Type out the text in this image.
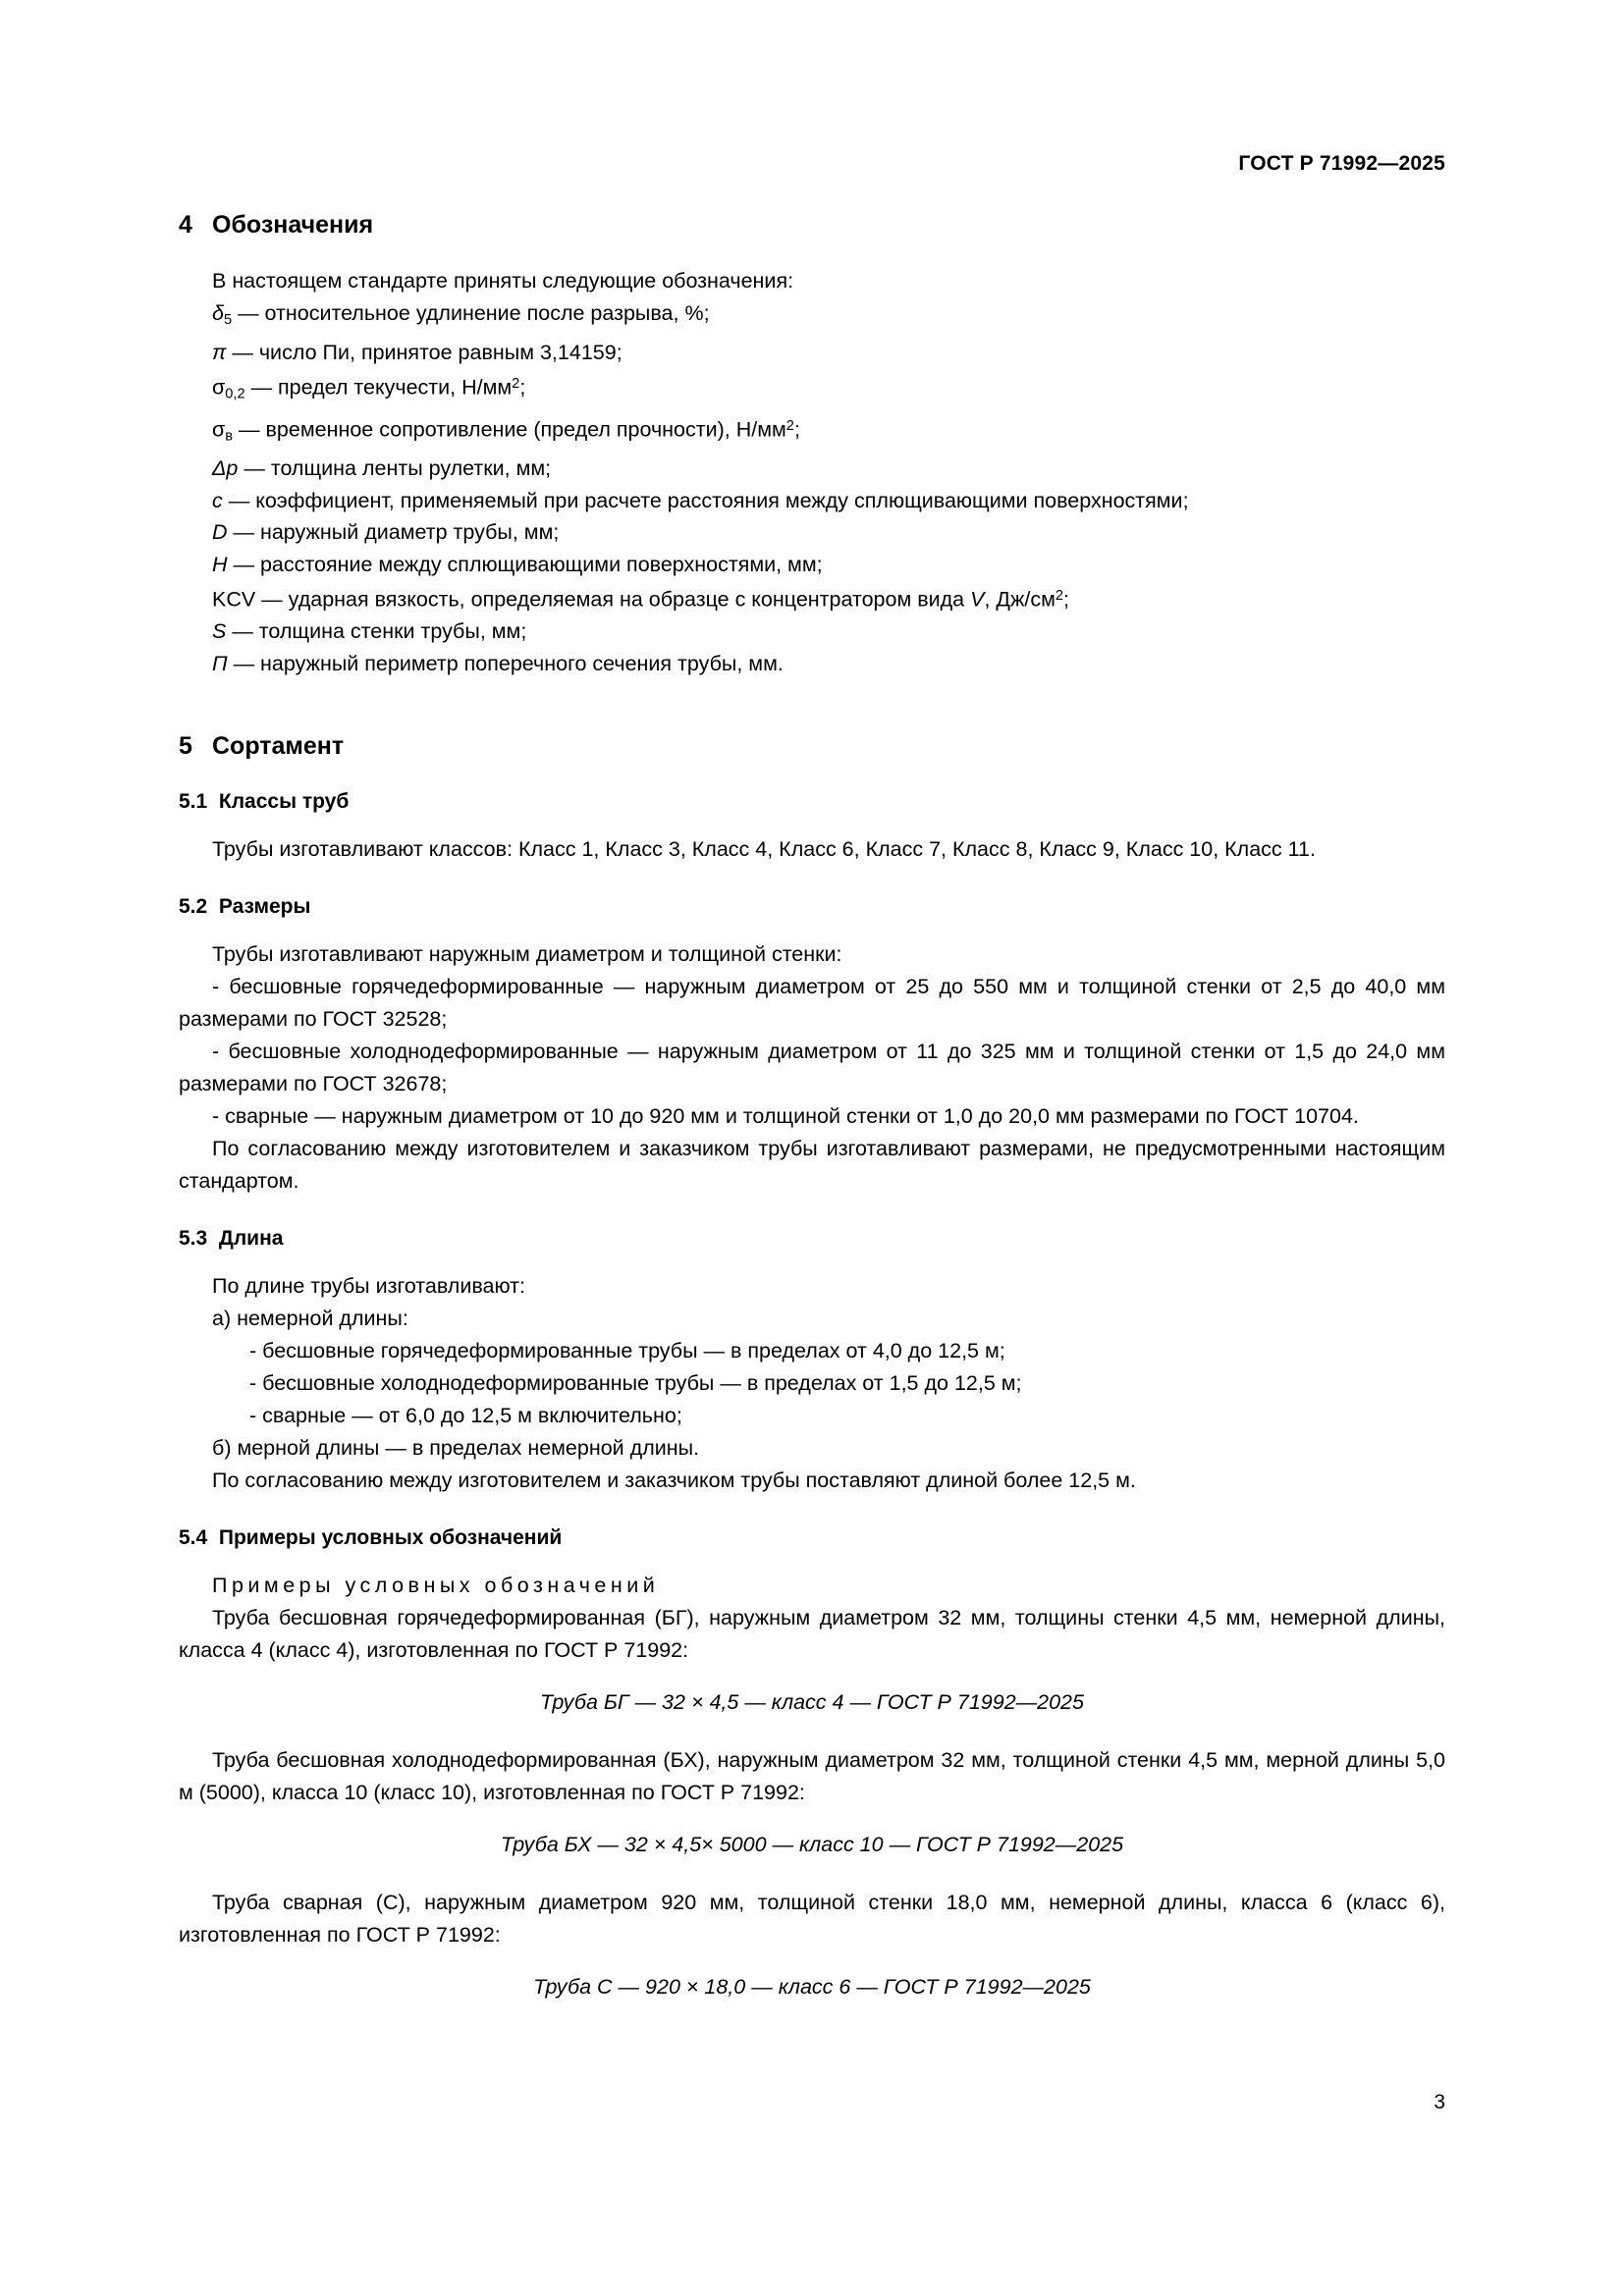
ГОСТ Р 71992—2025
4 Обозначения

В настоящем стандарте приняты следующие обозначения:

$\delta_5$ — относительное удлинение после разрыва, %;

π — число Пи, принятое равным 3,14159;

$\sigma_{0,2}$ — предел текучести, $Н/мм^2$;

$\sigma_в$ — временное сопротивление (предел прочности), $Н/мм^2$;

Δp — толщина ленты рулетки, мм;

c — коэффициент, применяемый при расчете расстояния между сплющивающими поверхностями;

D — наружный диаметр трубы, мм;

H — расстояние между сплющивающими поверхностями, мм;

KCV — ударная вязкость, определяемая на образце с концентратором вида V, $Дж/см^2$;

S — толщина стенки трубы, мм;

П — наружный периметр поперечного сечения трубы, мм.

5 Сортамент
5.1 Классы труб

Трубы изготавливают классов: Класс 1, Класс 3, Класс 4, Класс 6, Класс 7, Класс 8, Класс 9, Класс 10, Класс 11.

5.2 Размеры

Трубы изготавливают наружным диаметром и толщиной стенки:

- бесшовные горячедеформированные — наружным диаметром от 25 до 550 мм и толщиной стенки от 2,5 до 40,0 мм размерами по ГОСТ 32528;

- бесшовные холоднодеформированные — наружным диаметром от 11 до 325 мм и толщиной стенки от 1,5 до 24,0 мм размерами по ГОСТ 32678;

- сварные — наружным диаметром от 10 до 920 мм и толщиной стенки от 1,0 до 20,0 мм размерами по ГОСТ 10704.

По согласованию между изготовителем и заказчиком трубы изготавливают размерами, не предусмотренными настоящим стандартом.

5.3 Длина

По длине трубы изготавливают:

а) немерной длины:

- бесшовные горячедеформированные трубы — в пределах от 4,0 до 12,5 м;

- бесшовные холоднодеформированные трубы — в пределах от 1,5 до 12,5 м;

- сварные — от 6,0 до 12,5 м включительно;

б) мерной длины — в пределах немерной длины.

По согласованию между изготовителем и заказчиком трубы поставляют длиной более 12,5 м.

5.4 Примеры условных обозначений

Примеры условных обозначений

Труба бесшовная горячедеформированная (БГ), наружным диаметром 32 мм, толщины стенки 4,5 мм, немерной длины, класса 4 (класс 4), изготовленная по ГОСТ Р 71992:

Труба БГ — 32 × 4,5 — класс 4 — ГОСТ Р 71992—2025

Труба бесшовная холоднодеформированная (БХ), наружным диаметром 32 мм, толщиной стенки 4,5 мм, мерной длины 5,0 м (5000), класса 10 (класс 10), изготовленная по ГОСТ Р 71992:

Труба БХ — 32 × 4,5× 5000 — класс 10 — ГОСТ Р 71992—2025

Труба сварная (С), наружным диаметром 920 мм, толщиной стенки 18,0 мм, немерной длины, класса 6 (класс 6), изготовленная по ГОСТ Р 71992:

Труба С — 920 × 18,0 — класс 6 — ГОСТ Р 71992—2025

3
